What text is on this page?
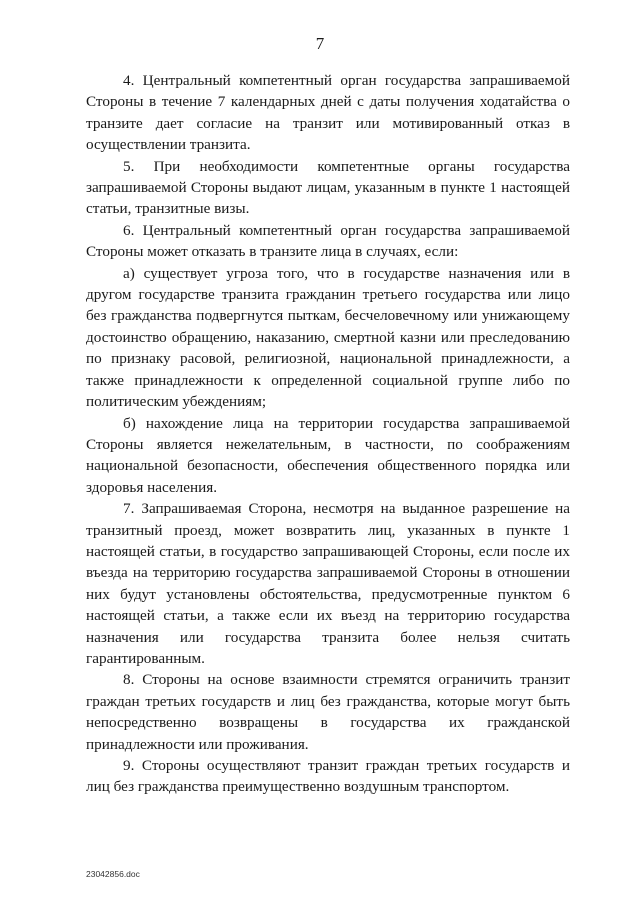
7

4. Центральный компетентный орган государства запрашиваемой Стороны в течение 7 календарных дней с даты получения ходатайства о транзите дает согласие на транзит или мотивированный отказ в осуществлении транзита.

5. При необходимости компетентные органы государства запрашиваемой Стороны выдают лицам, указанным в пункте 1 настоящей статьи, транзитные визы.

6. Центральный компетентный орган государства запрашиваемой Стороны может отказать в транзите лица в случаях, если:

а) существует угроза того, что в государстве назначения или в другом государстве транзита гражданин третьего государства или лицо без гражданства подвергнутся пыткам, бесчеловечному или унижающему достоинство обращению, наказанию, смертной казни или преследованию по признаку расовой, религиозной, национальной принадлежности, а также принадлежности к определенной социальной группе либо по политическим убеждениям;

б) нахождение лица на территории государства запрашиваемой Стороны является нежелательным, в частности, по соображениям национальной безопасности, обеспечения общественного порядка или здоровья населения.

7. Запрашиваемая Сторона, несмотря на выданное разрешение на транзитный проезд, может возвратить лиц, указанных в пункте 1 настоящей статьи, в государство запрашивающей Стороны, если после их въезда на территорию государства запрашиваемой Стороны в отношении них будут установлены обстоятельства, предусмотренные пунктом 6 настоящей статьи, а также если их въезд на территорию государства назначения или государства транзита более нельзя считать гарантированным.

8. Стороны на основе взаимности стремятся ограничить транзит граждан третьих государств и лиц без гражданства, которые могут быть непосредственно возвращены в государства их гражданской принадлежности или проживания.

9. Стороны осуществляют транзит граждан третьих государств и лиц без гражданства преимущественно воздушным транспортом.

23042856.doc
